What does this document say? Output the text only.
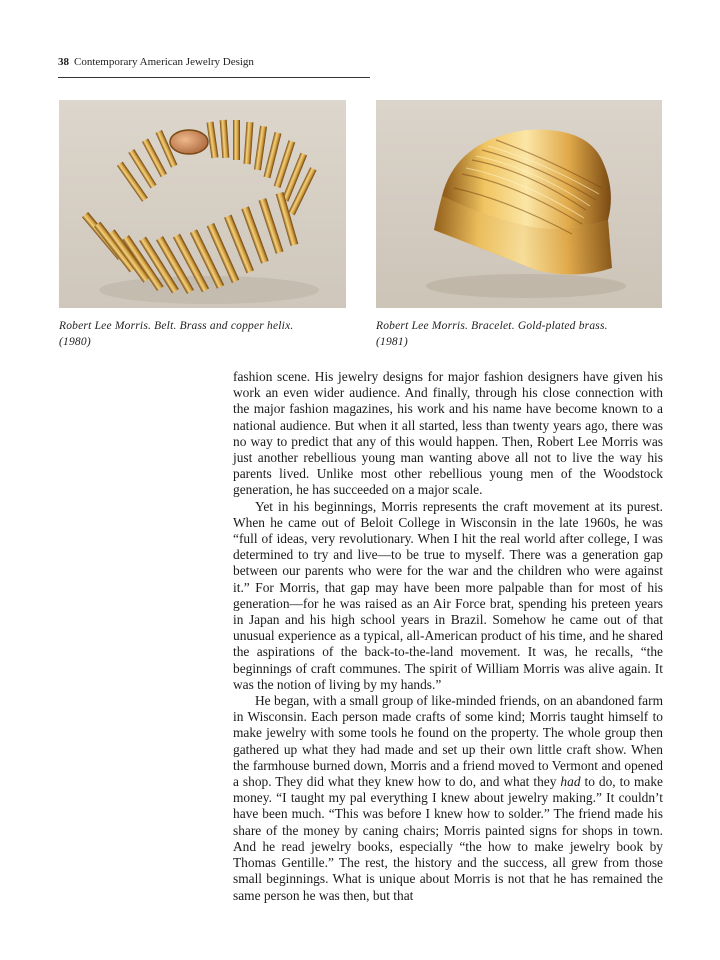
38 Contemporary American Jewelry Design
Robert Lee Morris. Belt. Brass and copper helix.
(1980)
Robert Lee Morris. Bracelet. Gold-plated brass.
(1981)

fashion scene. His jewelry designs for major fashion designers have given his work an even wider audience. And finally, through his close connection with the major fashion magazines, his work and his name have become known to a national audience. But when it all started, less than twenty years ago, there was no way to predict that any of this would happen. Then, Robert Lee Morris was just another rebellious young man wanting above all not to live the way his parents lived. Unlike most other rebellious young men of the Woodstock generation, he has succeeded on a major scale.

Yet in his beginnings, Morris represents the craft movement at its purest. When he came out of Beloit College in Wisconsin in the late 1960s, he was “full of ideas, very revolutionary. When I hit the real world after college, I was determined to try and live—to be true to myself. There was a generation gap between our parents who were for the war and the children who were against it.” For Morris, that gap may have been more palpable than for most of his generation—for he was raised as an Air Force brat, spending his preteen years in Japan and his high school years in Brazil. Somehow he came out of that unusual experience as a typical, all-American product of his time, and he shared the aspirations of the back-to-the-land movement. It was, he recalls, “the beginnings of craft communes. The spirit of William Morris was alive again. It was the notion of living by my hands.”

He began, with a small group of like-minded friends, on an abandoned farm in Wisconsin. Each person made crafts of some kind; Morris taught himself to make jewelry with some tools he found on the property. The whole group then gathered up what they had made and set up their own little craft show. When the farmhouse burned down, Morris and a friend moved to Vermont and opened a shop. They did what they knew how to do, and what they had to do, to make money. “I taught my pal everything I knew about jewelry making.” It couldn’t have been much. “This was before I knew how to solder.” The friend made his share of the money by caning chairs; Morris painted signs for shops in town. And he read jewelry books, especially “the how to make jewelry book by Thomas Gentille.” The rest, the history and the success, all grew from those small beginnings. What is unique about Morris is not that he has remained the same person he was then, but that
